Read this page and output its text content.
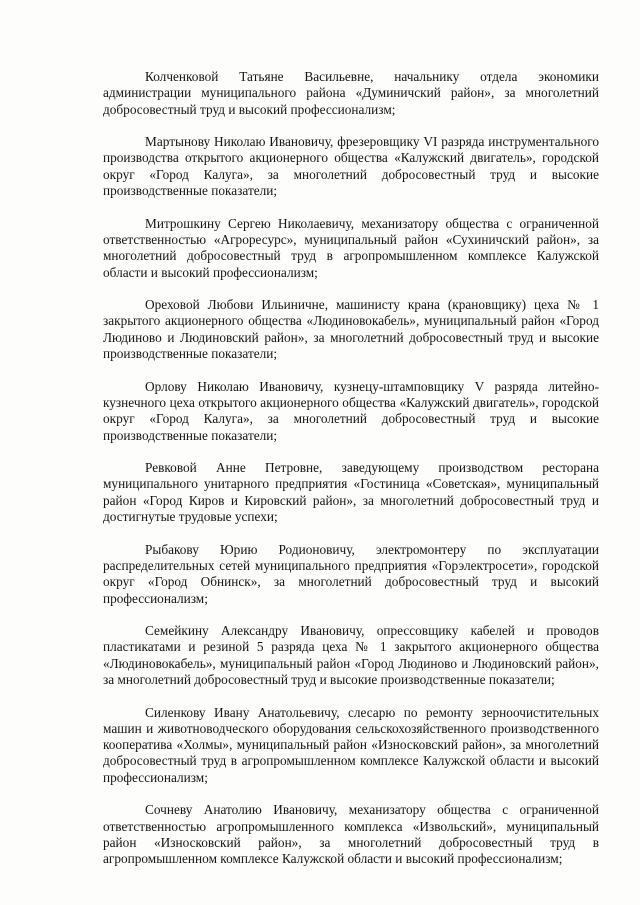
Колченковой Татьяне Васильевне, начальнику отдела экономики администрации муниципального района «Думиничский район», за многолетний добросовестный труд и высокий профессионализм;

Мартынову Николаю Ивановичу, фрезеровщику VI разряда инструментального производства открытого акционерного общества «Калужский двигатель», городской округ «Город Калуга», за многолетний добросовестный труд и высокие производственные показатели;

Митрошкину Сергею Николаевичу, механизатору общества с ограниченной ответственностью «Агроресурс», муниципальный район «Сухиничский район», за многолетний добросовестный труд в агропромышленном комплексе Калужской области и высокий профессионализм;

Ореховой Любови Ильиничне, машинисту крана (крановщику) цеха № 1 закрытого акционерного общества «Людиновокабель», муниципальный район «Город Людиново и Людиновский район», за многолетний добросовестный труд и высокие производственные показатели;

Орлову Николаю Ивановичу, кузнецу-штамповщику V разряда литейно-кузнечного цеха открытого акционерного общества «Калужский двигатель», городской округ «Город Калуга», за многолетний добросовестный труд и высокие производственные показатели;

Ревковой Анне Петровне, заведующему производством ресторана муниципального унитарного предприятия «Гостиница «Советская», муниципальный район «Город Киров и Кировский район», за многолетний добросовестный труд и достигнутые трудовые успехи;

Рыбакову Юрию Родионовичу, электромонтеру по эксплуатации распределительных сетей муниципального предприятия «Горэлектросети», городской округ «Город Обнинск», за многолетний добросовестный труд и высокий профессионализм;

Семейкину Александру Ивановичу, опрессовщику кабелей и проводов пластикатами и резиной 5 разряда цеха № 1 закрытого акционерного общества «Людиновокабель», муниципальный район «Город Людиново и Людиновский район», за многолетний добросовестный труд и высокие производственные показатели;

Силенкову Ивану Анатольевичу, слесарю по ремонту зерноочистительных машин и животноводческого оборудования сельскохозяйственного производственного кооператива «Холмы», муниципальный район «Износковский район», за многолетний добросовестный труд в агропромышленном комплексе Калужской области и высокий профессионализм;

Сочневу Анатолию Ивановичу, механизатору общества с ограниченной ответственностью агропромышленного комплекса «Извольский», муниципальный район «Износковский район», за многолетний добросовестный труд в агропромышленном комплексе Калужской области и высокий профессионализм;
